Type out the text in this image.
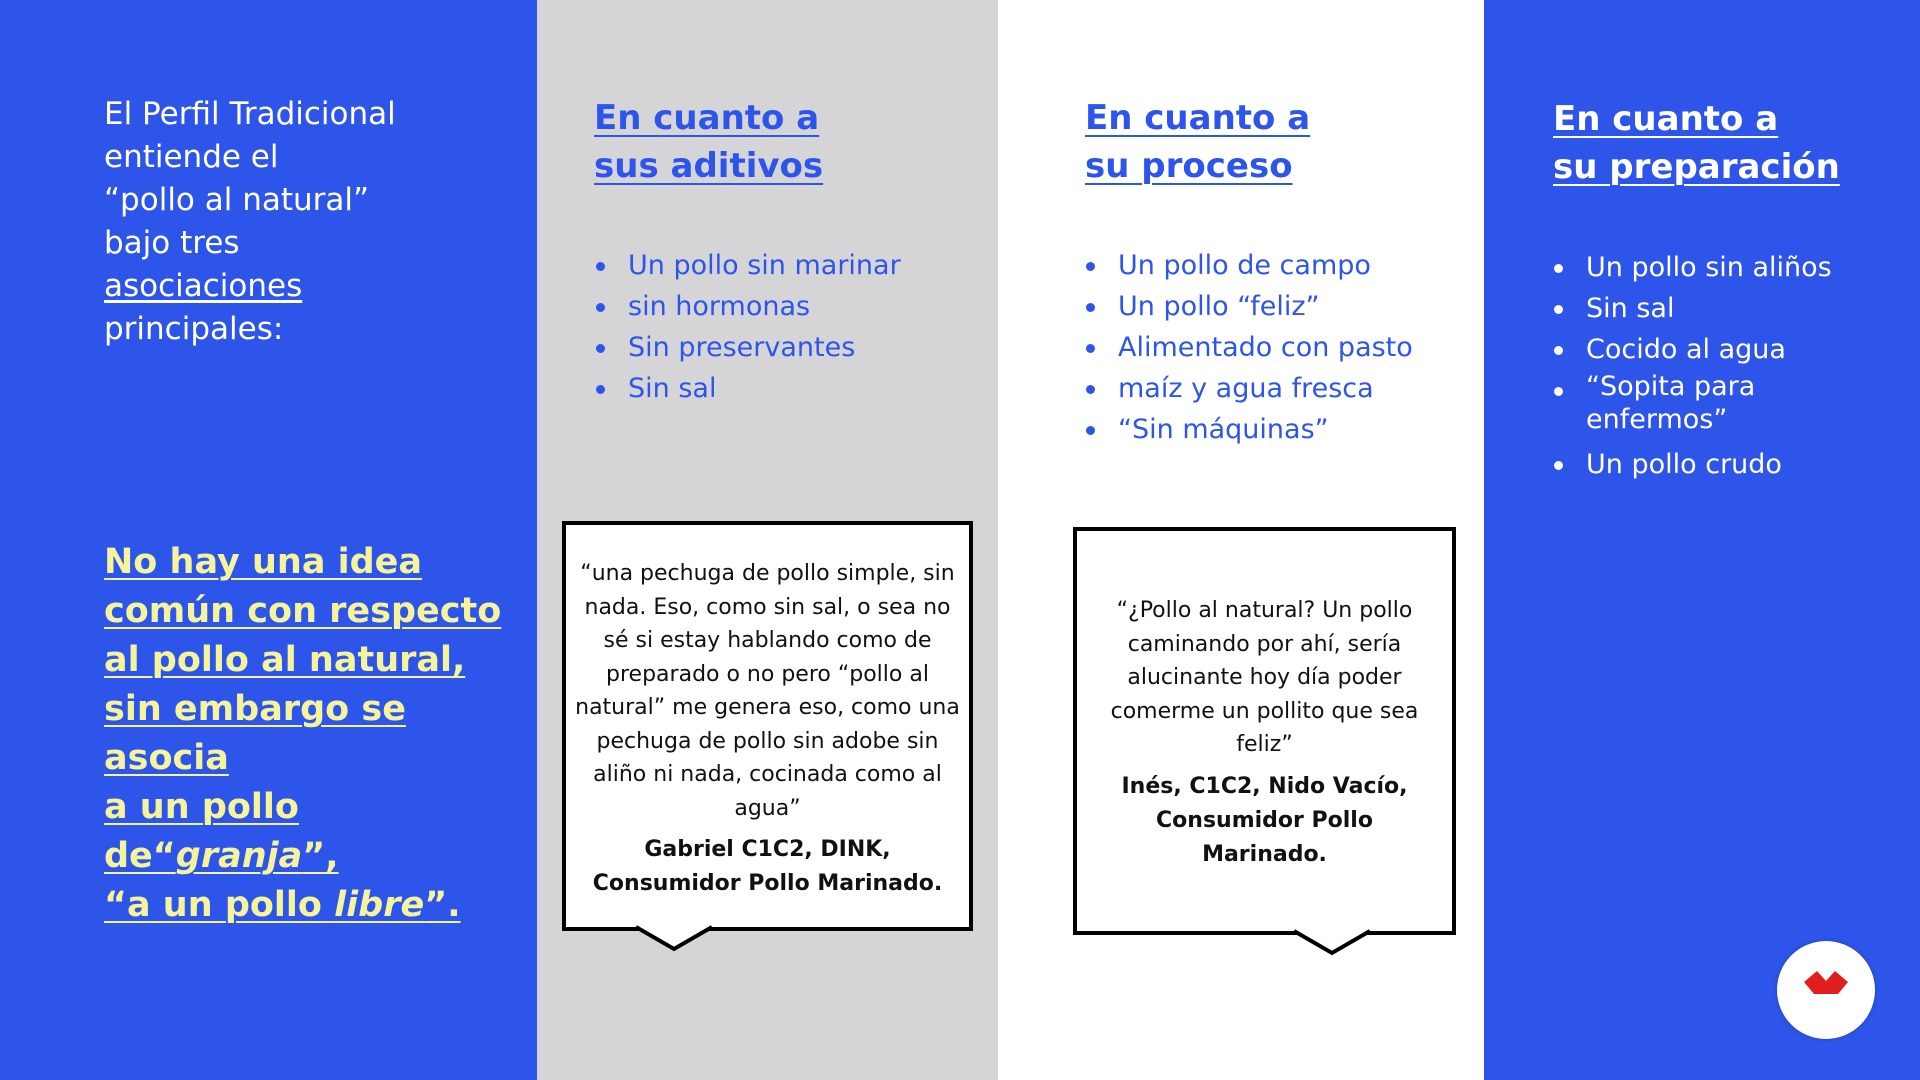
El Perfil Tradicional

entiende el

“pollo al natural”

bajo tres

asociaciones

principales:

No hay una idea

común con respecto

al pollo al natural,

sin embargo se

asocia

a un pollo

de“granja”,

“a un pollo libre”.

En cuanto a

sus aditivos

Un pollo sin marinar
sin hormonas
Sin preservantes
Sin sal

“una pechuga de pollo simple, sin nada. Eso, como sin sal, o sea no sé si estay hablando como de preparado o no pero “pollo al natural” me genera eso, como una pechuga de pollo sin adobe sin aliño ni nada, cocinada como al agua”

Gabriel C1C2, DINK, Consumidor Pollo Marinado.

En cuanto a

su proceso

Un pollo de campo
Un pollo “feliz”
Alimentado con pasto
maíz y agua fresca
“Sin máquinas”

“¿Pollo al natural? Un pollo caminando por ahí, sería alucinante hoy día poder comerme un pollito que sea feliz”

Inés, C1C2, Nido Vacío, Consumidor Pollo Marinado.

En cuanto a

su preparación

Un pollo sin aliños
Sin sal
Cocido al agua
“Sopita para enfermos”
Un pollo crudo
